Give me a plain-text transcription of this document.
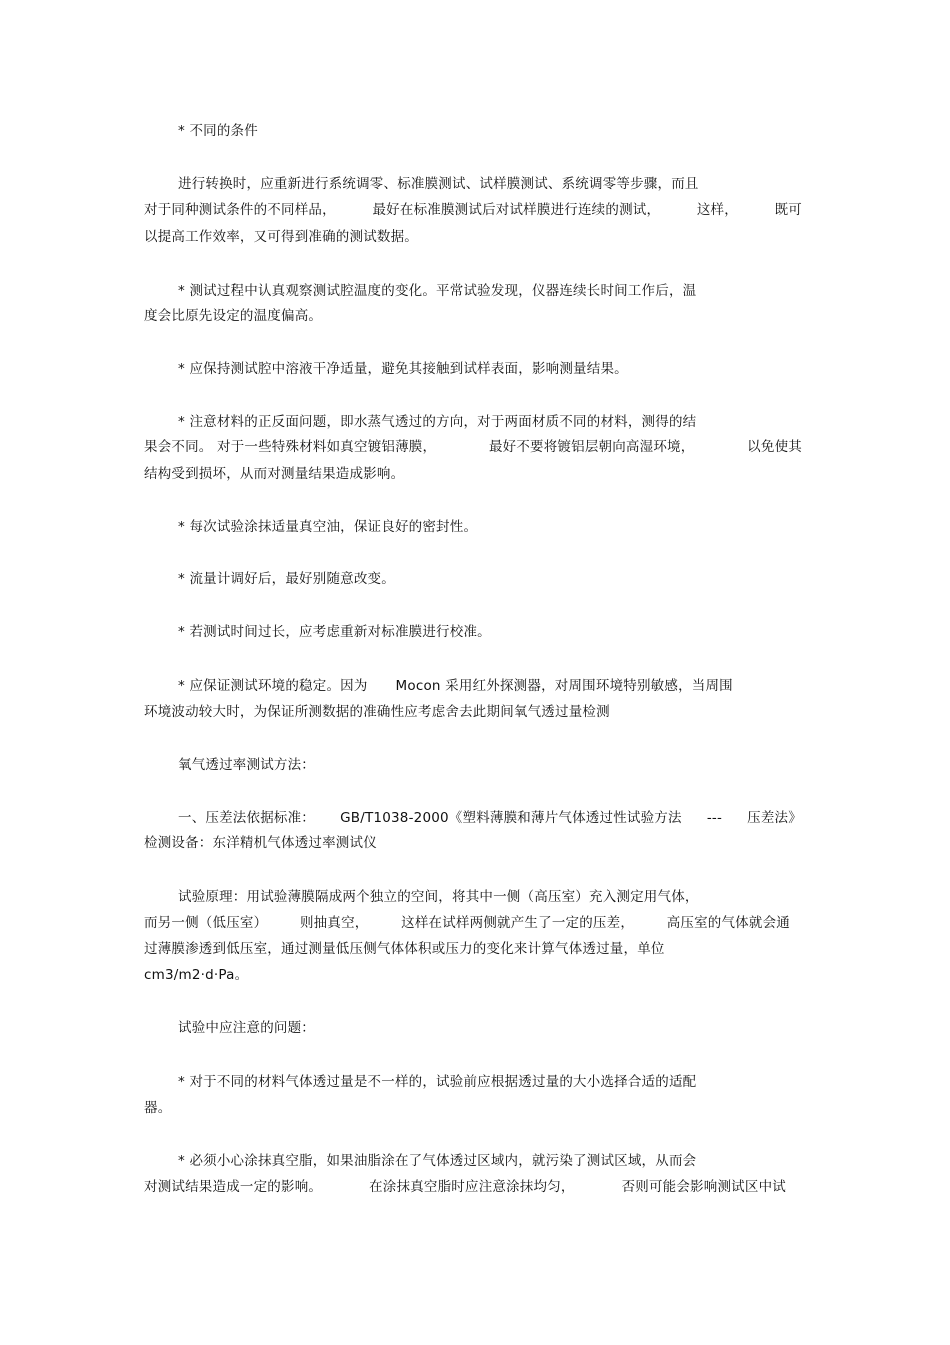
* 不同的条件
进行转换时，应重新进行系统调零、标准膜测试、试样膜测试、系统调零等步骤，而且
对于同种测试条件的不同样品，	最好在标准膜测试后对试样膜进行连续的测试，	这样，	既可
以提高工作效率，又可得到准确的测试数据。
* 测试过程中认真观察测试腔温度的变化。平常试验发现，仪器连续长时间工作后，温
度会比原先设定的温度偏高。
* 应保持测试腔中溶液干净适量，避免其接触到试样表面，影响测量结果。
* 注意材料的正反面问题，即水蒸气透过的方向，对于两面材质不同的材料，测得的结
果会不同。 对于一些特殊材料如真空镀铝薄膜，	最好不要将镀铝层朝向高湿环境，	以免使其
结构受到损坏，从而对测量结果造成影响。
* 每次试验涂抹适量真空油，保证良好的密封性。
* 流量计调好后，最好别随意改变。
* 若测试时间过长，应考虑重新对标准膜进行校准。
* 应保证测试环境的稳定。因为 Mocon 采用红外探测器，对周围环境特别敏感，当周围
环境波动较大时，为保证所测数据的准确性应考虑舍去此期间氧气透过量检测
氧气透过率测试方法：
一、压差法依据标准： GB/T1038-2000《塑料薄膜和薄片气体透过性试验方法 --- 压差法》
检测设备：东洋精机气体透过率测试仪
试验原理：用试验薄膜隔成两个独立的空间，将其中一侧（高压室）充入测定用气体，
而另一侧（低压室） 则抽真空， 这样在试样两侧就产生了一定的压差， 高压室的气体就会通
过薄膜渗透到低压室，通过测量低压侧气体体积或压力的变化来计算气体透过量，单位
cm3/m2·d·Pa。
试验中应注意的问题：
* 对于不同的材料气体透过量是不一样的，试验前应根据透过量的大小选择合适的适配
器。
* 必须小心涂抹真空脂，如果油脂涂在了气体透过区域内，就污染了测试区域，从而会
对测试结果造成一定的影响。	在涂抹真空脂时应注意涂抹均匀，	否则可能会影响测试区中试
